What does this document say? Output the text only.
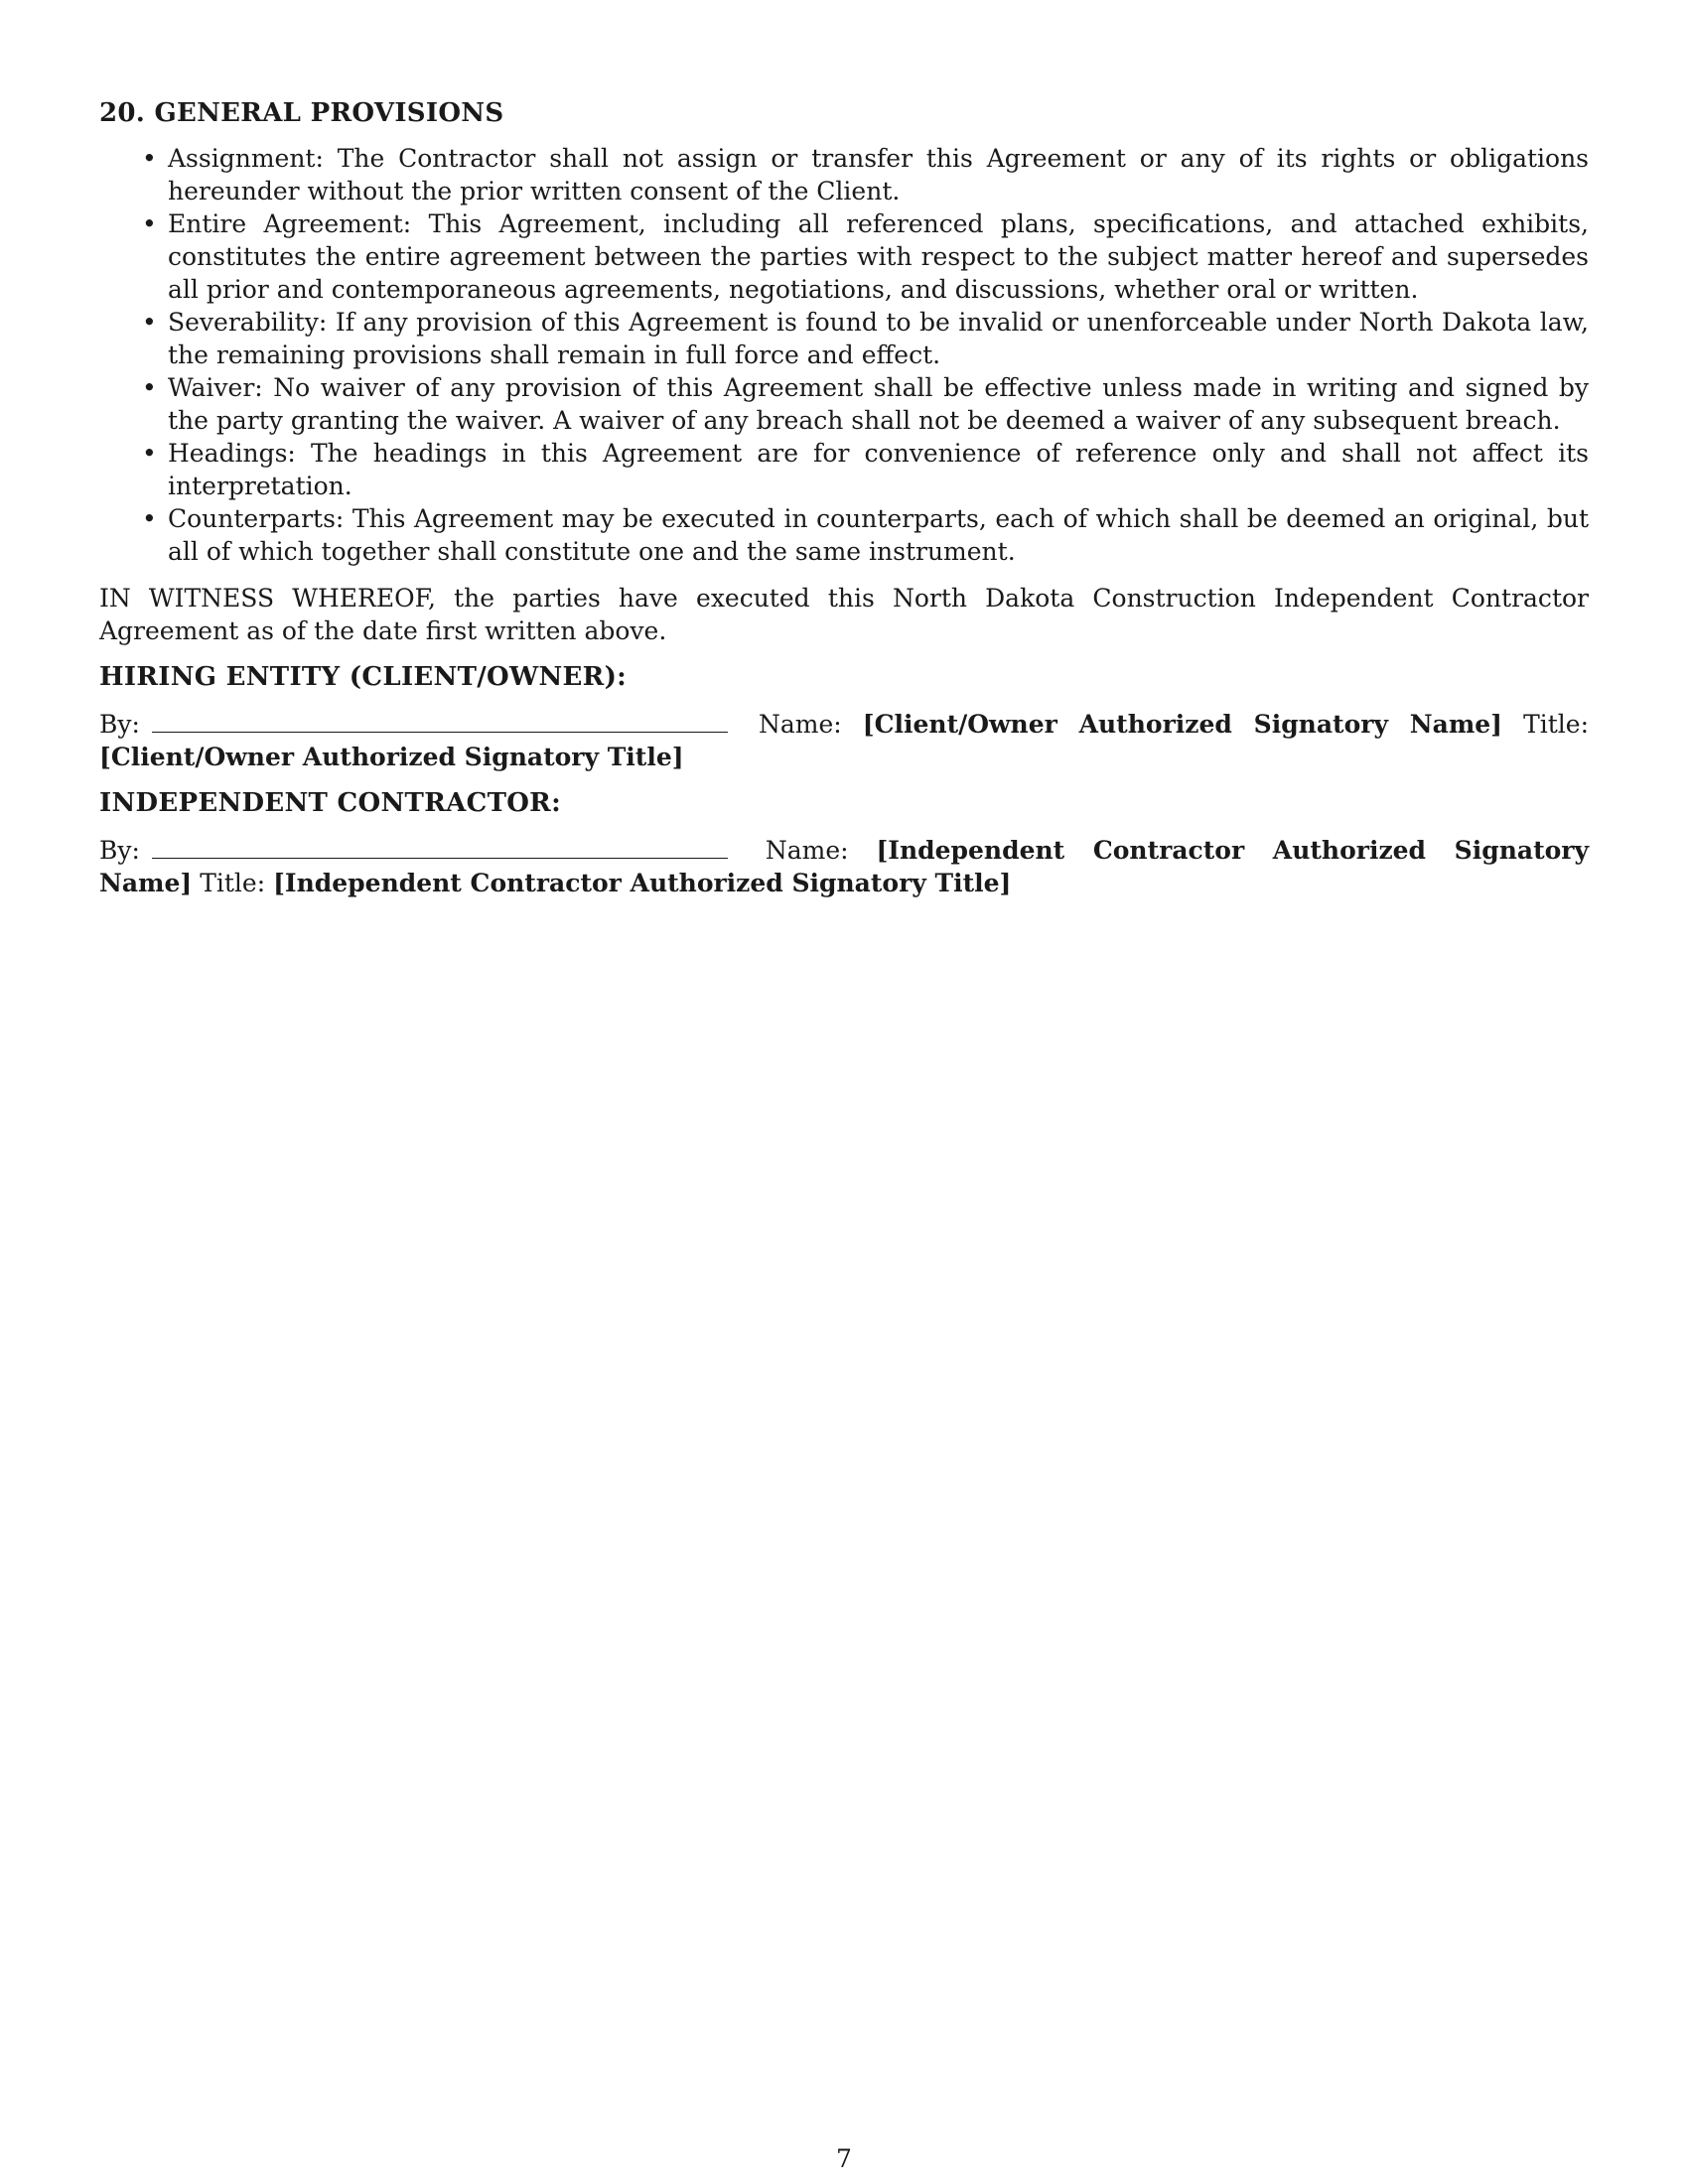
20. GENERAL PROVISIONS
• Assignment: The Contractor shall not assign or transfer this Agreement or any of its rights or obligations hereunder without the prior written consent of the Client.
• Entire Agreement: This Agreement, including all referenced plans, specifications, and attached exhibits, constitutes the entire agreement between the parties with respect to the subject matter hereof and supersedes all prior and contemporaneous agreements, negotiations, and discussions, whether oral or written.
• Severability: If any provision of this Agreement is found to be invalid or unenforceable under North Dakota law, the remaining provisions shall remain in full force and effect.
• Waiver: No waiver of any provision of this Agreement shall be effective unless made in writing and signed by the party granting the waiver. A waiver of any breach shall not be deemed a waiver of any subsequent breach.
• Headings: The headings in this Agreement are for convenience of reference only and shall not affect its interpretation.
• Counterparts: This Agreement may be executed in counterparts, each of which shall be deemed an original, but all of which together shall constitute one and the same instrument.
IN WITNESS WHEREOF, the parties have executed this North Dakota Construction Independent Contractor Agreement as of the date first written above.
HIRING ENTITY (CLIENT/OWNER):
By:	Name: [Client/Owner Authorized Signatory Name] Title: [Client/Owner Authorized Signatory Title]
INDEPENDENT CONTRACTOR:
By:	Name: [Independent Contractor Authorized Signatory Name] Title: [Independent Contractor Authorized Signatory Title]
7
